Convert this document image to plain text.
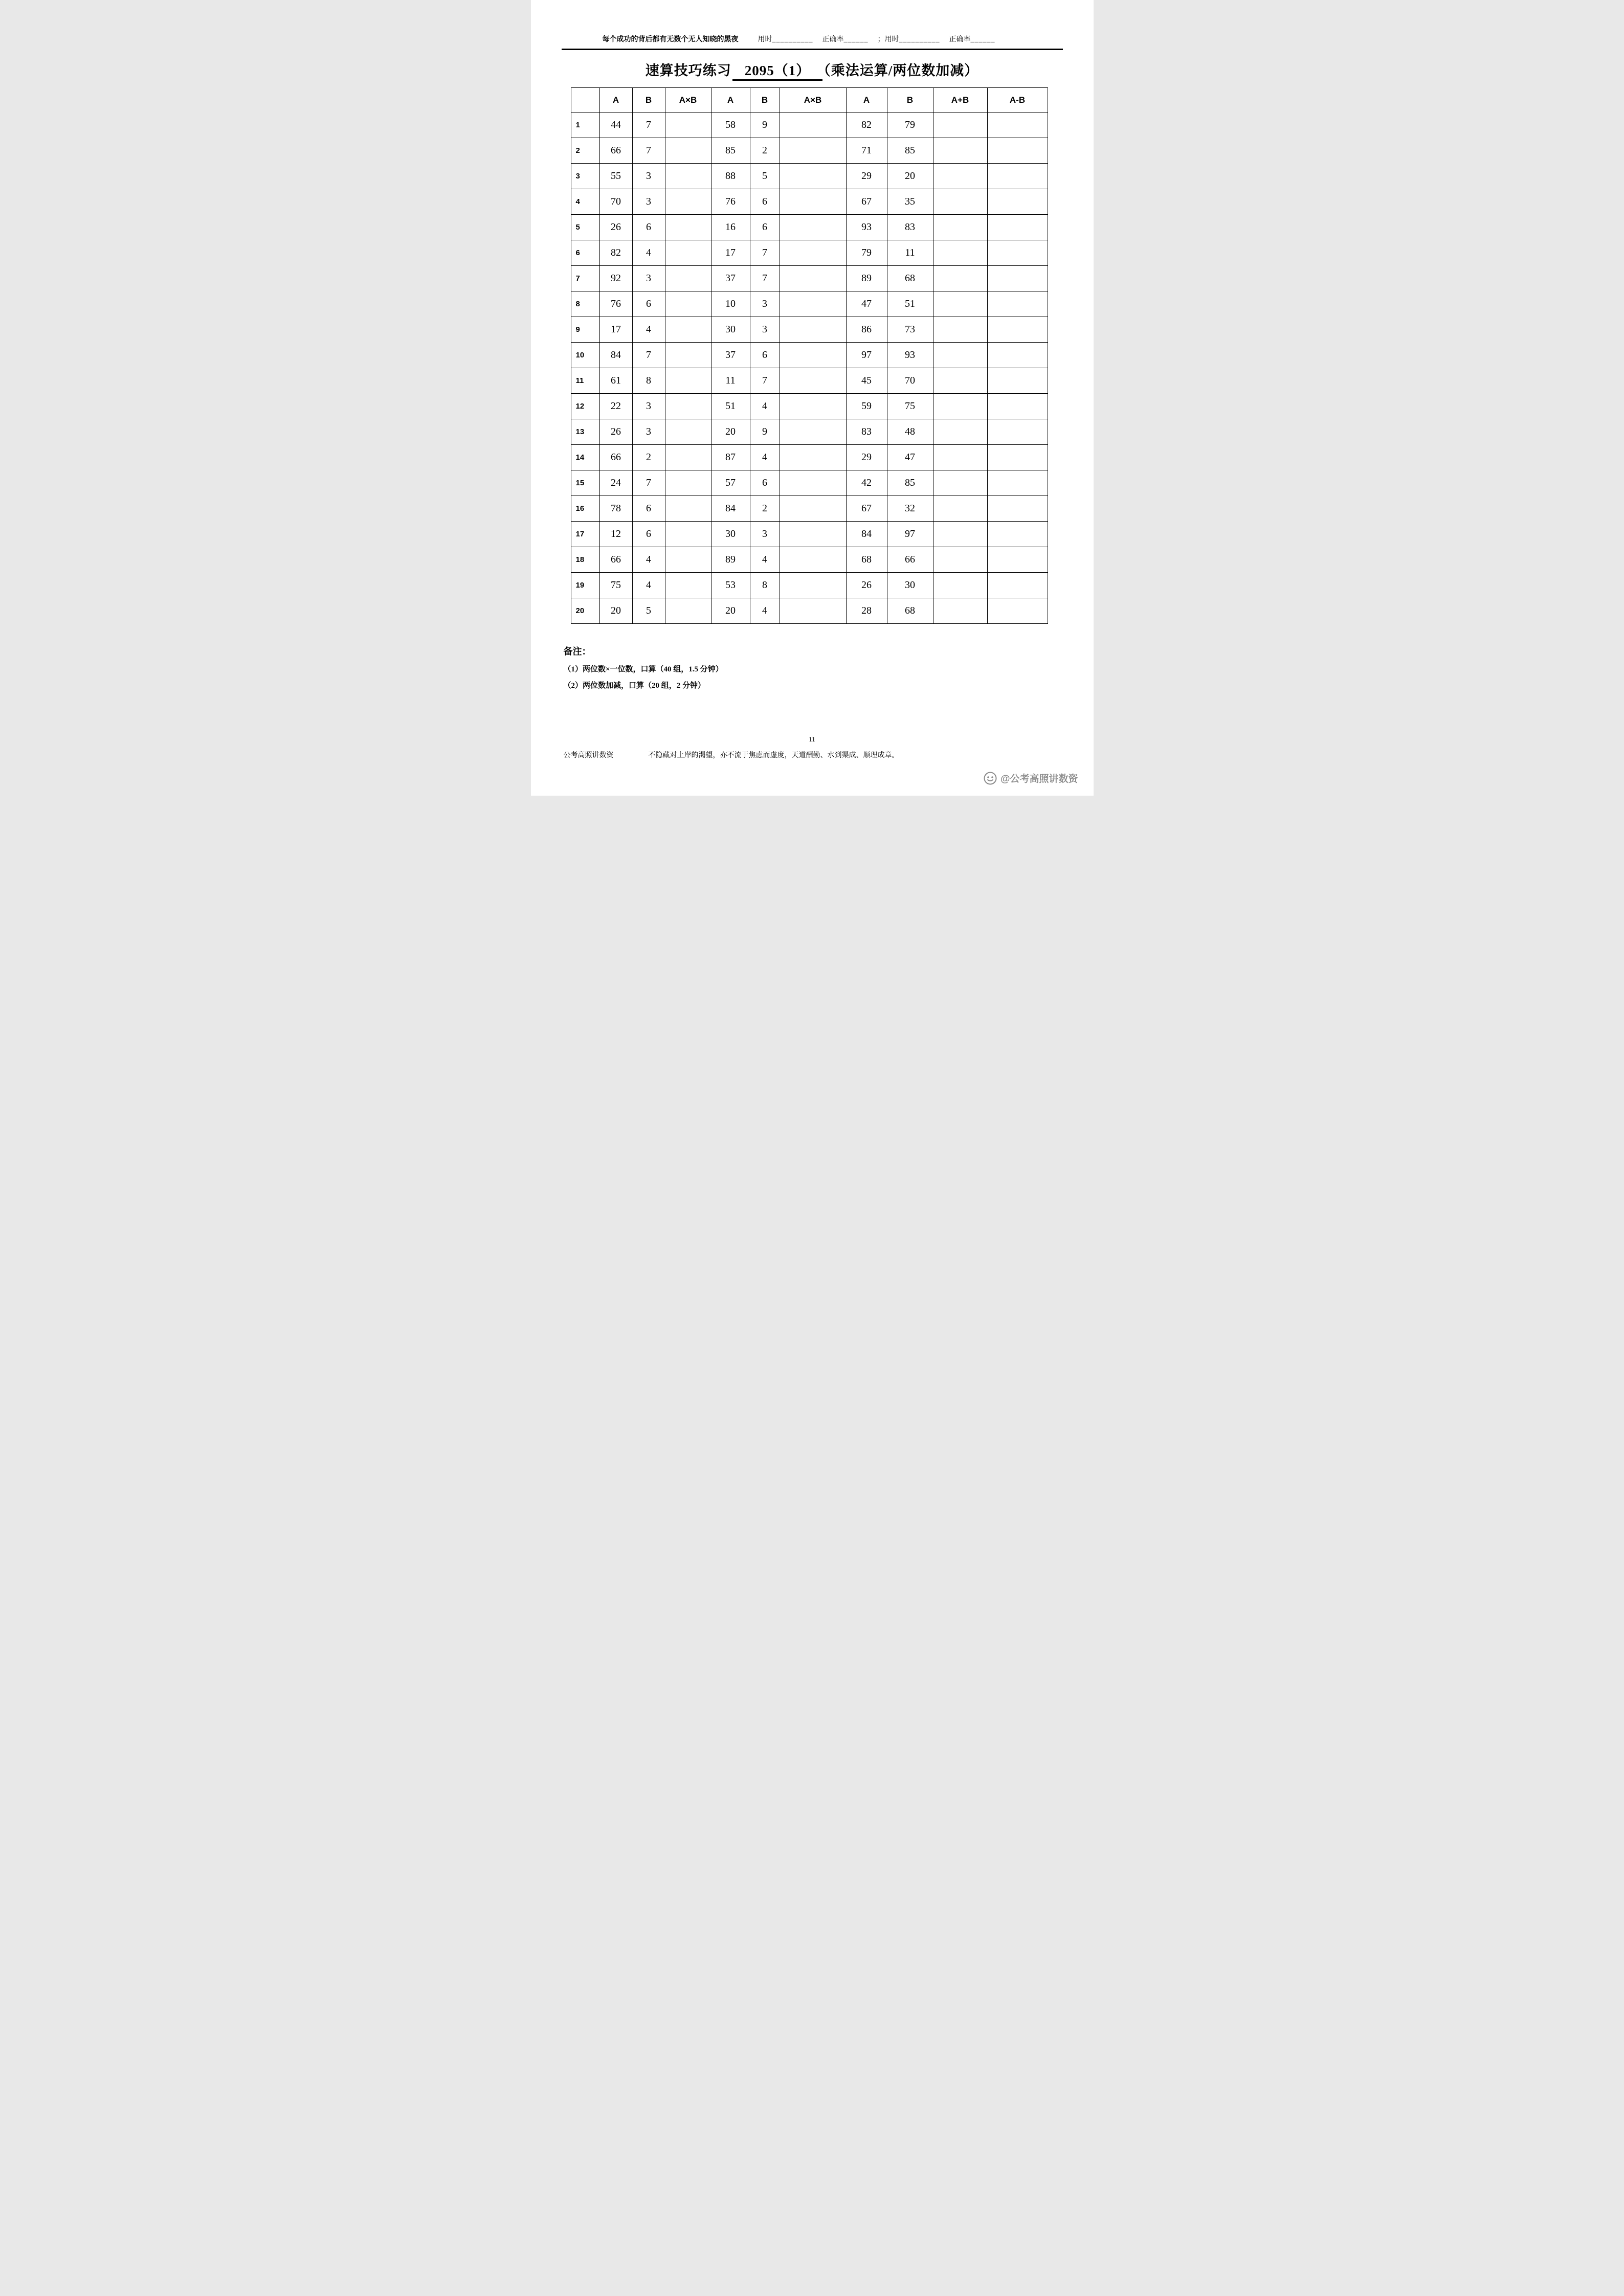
每个成功的背后都有无数个无人知晓的黑夜	用时__________ 正确率______ ；用时__________ 正确率______
速算技巧练习 2095（1） （乘法运算/两位数加减）
	A	B	A×B	A	B	A×B	A	B	A+B	A-B
1	44	7		58	9		82	79		
2	66	7		85	2		71	85		
3	55	3		88	5		29	20		
4	70	3		76	6		67	35		
5	26	6		16	6		93	83		
6	82	4		17	7		79	11		
7	92	3		37	7		89	68		
8	76	6		10	3		47	51		
9	17	4		30	3		86	73		
10	84	7		37	6		97	93		
11	61	8		11	7		45	70		
12	22	3		51	4		59	75		
13	26	3		20	9		83	48		
14	66	2		87	4		29	47		
15	24	7		57	6		42	85		
16	78	6		84	2		67	32		
17	12	6		30	3		84	97		
18	66	4		89	4		68	66		
19	75	4		53	8		26	30		
20	20	5		20	4		28	68		
备注：
（1）两位数×一位数，口算（40 组，1.5 分钟）
（2）两位数加减，口算（20 组，2 分钟）
11
公考高照讲数资	不隐藏对上岸的渴望，亦不流于焦虑而虚度，天道酬勤、水到渠成、顺理成章。
@公考高照讲数资
